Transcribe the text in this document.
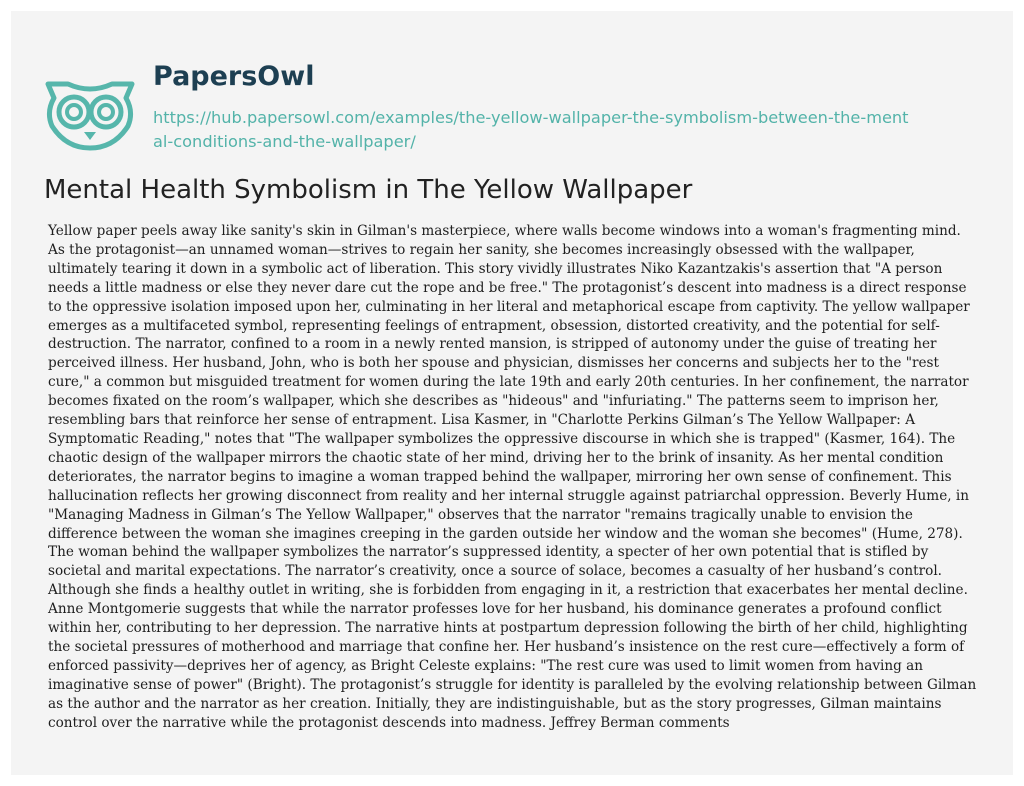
PapersOwl
https://hub.papersowl.com/examples/the-yellow-wallpaper-the-symbolism-between-the-mental-conditions-and-the-wallpaper/
Mental Health Symbolism in The Yellow Wallpaper

Yellow paper peels away like sanity's skin in Gilman's masterpiece, where walls become windows into a woman's fragmenting mind. As the protagonist—an unnamed woman—strives to regain her sanity, she becomes increasingly obsessed with the wallpaper, ultimately tearing it down in a symbolic act of liberation. This story vividly illustrates Niko Kazantzakis's assertion that "A person needs a little madness or else they never dare cut the rope and be free." The protagonist’s descent into madness is a direct response to the oppressive isolation imposed upon her, culminating in her literal and metaphorical escape from captivity. The yellow wallpaper emerges as a multifaceted symbol, representing feelings of entrapment, obsession, distorted creativity, and the potential for self-destruction. The narrator, confined to a room in a newly rented mansion, is stripped of autonomy under the guise of treating her perceived illness. Her husband, John, who is both her spouse and physician, dismisses her concerns and subjects her to the "rest cure," a common but misguided treatment for women during the late 19th and early 20th centuries. In her confinement, the narrator becomes fixated on the room’s wallpaper, which she describes as "hideous" and "infuriating." The patterns seem to imprison her, resembling bars that reinforce her sense of entrapment. Lisa Kasmer, in "Charlotte Perkins Gilman’s The Yellow Wallpaper: A Symptomatic Reading," notes that "The wallpaper symbolizes the oppressive discourse in which she is trapped" (Kasmer, 164). The chaotic design of the wallpaper mirrors the chaotic state of her mind, driving her to the brink of insanity. As her mental condition deteriorates, the narrator begins to imagine a woman trapped behind the wallpaper, mirroring her own sense of confinement. This hallucination reflects her growing disconnect from reality and her internal struggle against patriarchal oppression. Beverly Hume, in "Managing Madness in Gilman’s The Yellow Wallpaper," observes that the narrator "remains tragically unable to envision the difference between the woman she imagines creeping in the garden outside her window and the woman she becomes" (Hume, 278). The woman behind the wallpaper symbolizes the narrator’s suppressed identity, a specter of her own potential that is stifled by societal and marital expectations. The narrator’s creativity, once a source of solace, becomes a casualty of her husband’s control. Although she finds a healthy outlet in writing, she is forbidden from engaging in it, a restriction that exacerbates her mental decline. Anne Montgomerie suggests that while the narrator professes love for her husband, his dominance generates a profound conflict within her, contributing to her depression. The narrative hints at postpartum depression following the birth of her child, highlighting the societal pressures of motherhood and marriage that confine her. Her husband’s insistence on the rest cure—effectively a form of enforced passivity—deprives her of agency, as Bright Celeste explains: "The rest cure was used to limit women from having an imaginative sense of power" (Bright). The protagonist’s struggle for identity is paralleled by the evolving relationship between Gilman as the author and the narrator as her creation. Initially, they are indistinguishable, but as the story progresses, Gilman maintains control over the narrative while the protagonist descends into madness. Jeffrey Berman comments
